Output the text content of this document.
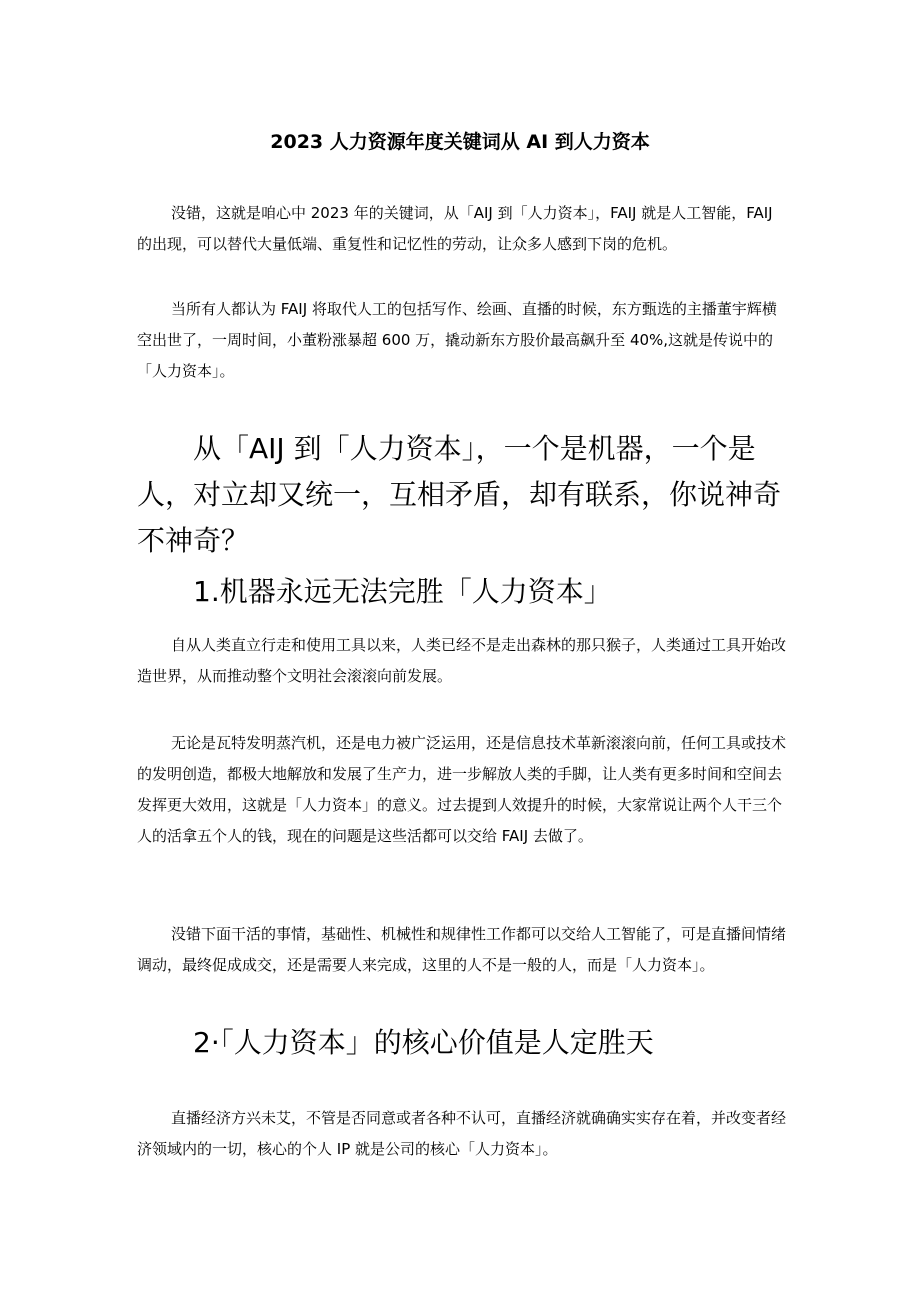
2023 人力资源年度关键词从 AI 到人力资本

没错，这就是咱心中 2023 年的关键词，从「AIJ 到「人力资本」，FAIJ 就是人工智能，FAIJ 的出现，可以替代大量低端、重复性和记忆性的劳动，让众多人感到下岗的危机。

当所有人都认为 FAIJ 将取代人工的包括写作、绘画、直播的时候，东方甄选的主播董宇辉横空出世了，一周时间，小董粉涨暴超 600 万，撬动新东方股价最高飙升至 40%,这就是传说中的「人力资本」。

从「AIJ 到「人力资本」，一个是机器，一个是人，对立却又统一，互相矛盾，却有联系，你说神奇不神奇？

1.机器永远无法完胜「人力资本」

自从人类直立行走和使用工具以来，人类已经不是走出森林的那只猴子，人类通过工具开始改造世界，从而推动整个文明社会滚滚向前发展。

无论是瓦特发明蒸汽机，还是电力被广泛运用，还是信息技术革新滚滚向前，任何工具或技术的发明创造，都极大地解放和发展了生产力，进一步解放人类的手脚，让人类有更多时间和空间去发挥更大效用，这就是「人力资本」的意义。过去提到人效提升的时候，大家常说让两个人干三个人的活拿五个人的钱，现在的问题是这些活都可以交给 FAIJ 去做了。

没错下面干活的事情，基础性、机械性和规律性工作都可以交给人工智能了，可是直播间情绪调动，最终促成成交，还是需要人来完成，这里的人不是一般的人，而是「人力资本」。

2·「人力资本」的核心价值是人定胜天

直播经济方兴未艾，不管是否同意或者各种不认可，直播经济就确确实实存在着，并改变者经济领域内的一切，核心的个人 IP 就是公司的核心「人力资本」。
